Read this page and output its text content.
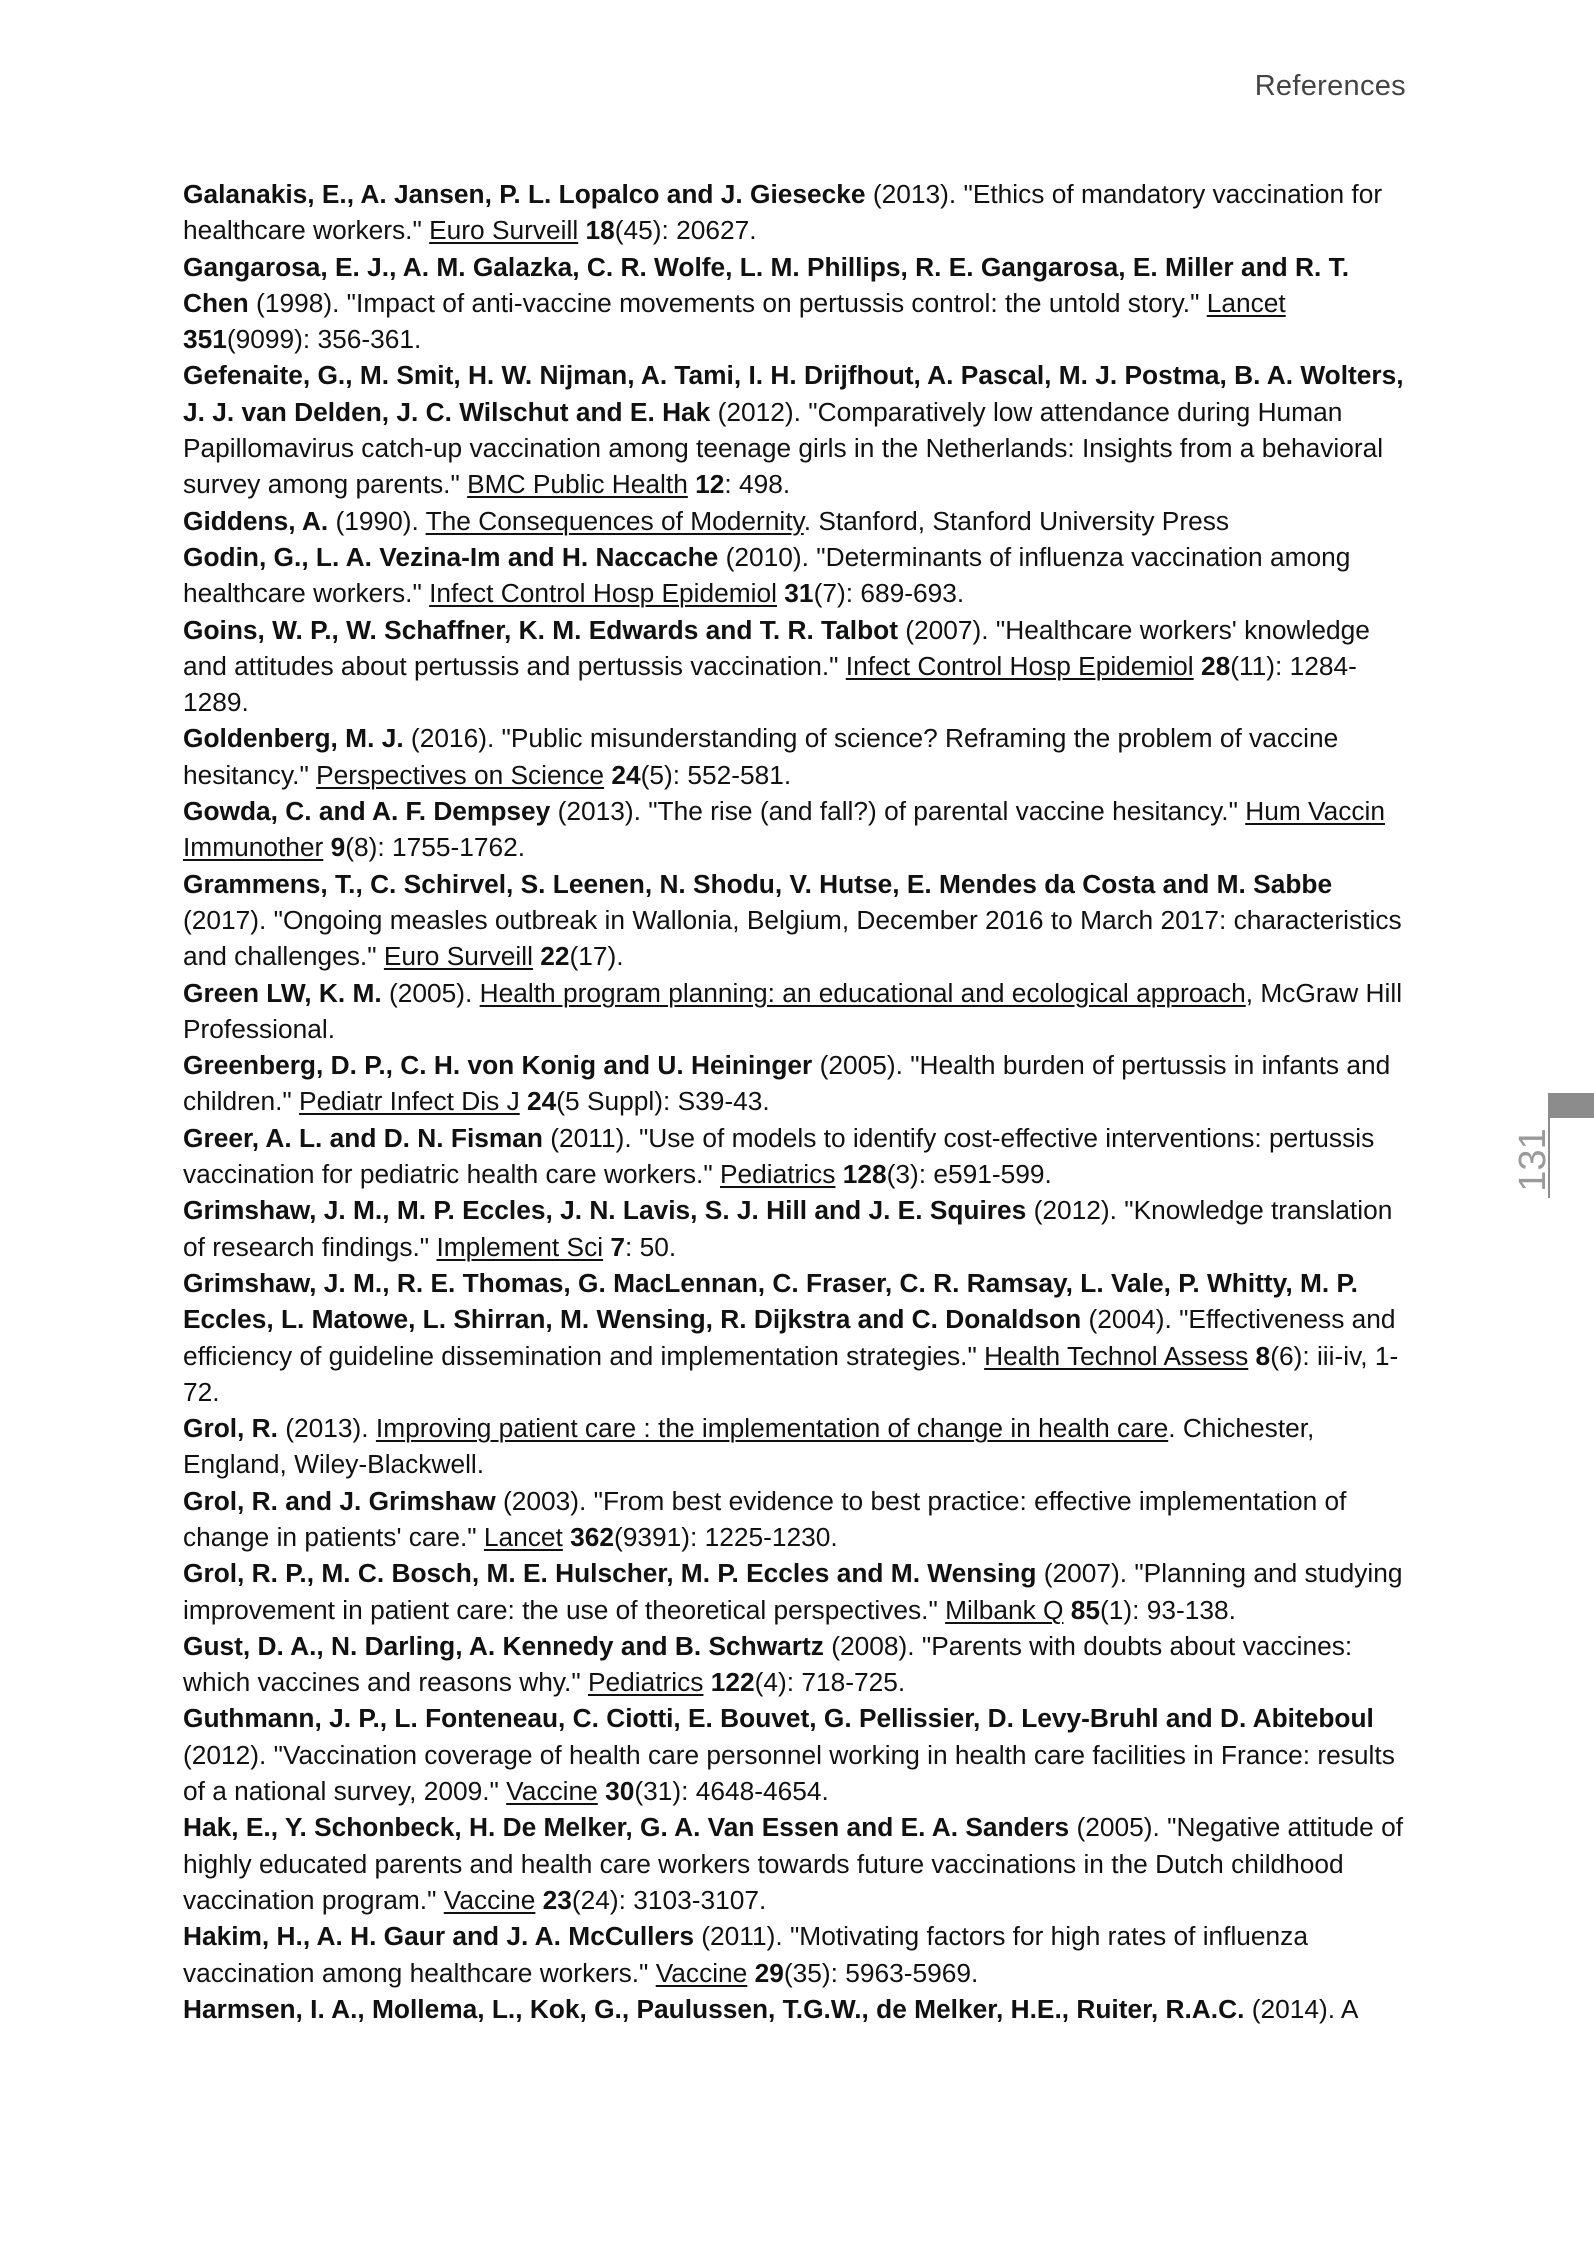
References

Galanakis, E., A. Jansen, P. L. Lopalco and J. Giesecke (2013). "Ethics of mandatory vaccination for healthcare workers." Euro Surveill 18(45): 20627.

Gangarosa, E. J., A. M. Galazka, C. R. Wolfe, L. M. Phillips, R. E. Gangarosa, E. Miller and R. T. Chen (1998). "Impact of anti-vaccine movements on pertussis control: the untold story." Lancet 351(9099): 356-361.

Gefenaite, G., M. Smit, H. W. Nijman, A. Tami, I. H. Drijfhout, A. Pascal, M. J. Postma, B. A. Wolters, J. J. van Delden, J. C. Wilschut and E. Hak (2012). "Comparatively low attendance during Human Papillomavirus catch-up vaccination among teenage girls in the Netherlands: Insights from a behavioral survey among parents." BMC Public Health 12: 498.

Giddens, A. (1990). The Consequences of Modernity. Stanford, Stanford University Press

Godin, G., L. A. Vezina-Im and H. Naccache (2010). "Determinants of influenza vaccination among healthcare workers." Infect Control Hosp Epidemiol 31(7): 689-693.

Goins, W. P., W. Schaffner, K. M. Edwards and T. R. Talbot (2007). "Healthcare workers' knowledge and attitudes about pertussis and pertussis vaccination." Infect Control Hosp Epidemiol 28(11): 1284-1289.

Goldenberg, M. J. (2016). "Public misunderstanding of science? Reframing the problem of vaccine hesitancy." Perspectives on Science 24(5): 552-581.

Gowda, C. and A. F. Dempsey (2013). "The rise (and fall?) of parental vaccine hesitancy." Hum Vaccin Immunother 9(8): 1755-1762.

Grammens, T., C. Schirvel, S. Leenen, N. Shodu, V. Hutse, E. Mendes da Costa and M. Sabbe (2017). "Ongoing measles outbreak in Wallonia, Belgium, December 2016 to March 2017: characteristics and challenges." Euro Surveill 22(17).

Green LW, K. M. (2005). Health program planning: an educational and ecological approach, McGraw Hill Professional.

Greenberg, D. P., C. H. von Konig and U. Heininger (2005). "Health burden of pertussis in infants and children." Pediatr Infect Dis J 24(5 Suppl): S39-43.

Greer, A. L. and D. N. Fisman (2011). "Use of models to identify cost-effective interventions: pertussis vaccination for pediatric health care workers." Pediatrics 128(3): e591-599.

Grimshaw, J. M., M. P. Eccles, J. N. Lavis, S. J. Hill and J. E. Squires (2012). "Knowledge translation of research findings." Implement Sci 7: 50.

Grimshaw, J. M., R. E. Thomas, G. MacLennan, C. Fraser, C. R. Ramsay, L. Vale, P. Whitty, M. P. Eccles, L. Matowe, L. Shirran, M. Wensing, R. Dijkstra and C. Donaldson (2004). "Effectiveness and efficiency of guideline dissemination and implementation strategies." Health Technol Assess 8(6): iii-iv, 1-72.

Grol, R. (2013). Improving patient care : the implementation of change in health care. Chichester, England, Wiley-Blackwell.

Grol, R. and J. Grimshaw (2003). "From best evidence to best practice: effective implementation of change in patients' care." Lancet 362(9391): 1225-1230.

Grol, R. P., M. C. Bosch, M. E. Hulscher, M. P. Eccles and M. Wensing (2007). "Planning and studying improvement in patient care: the use of theoretical perspectives." Milbank Q 85(1): 93-138.

Gust, D. A., N. Darling, A. Kennedy and B. Schwartz (2008). "Parents with doubts about vaccines: which vaccines and reasons why." Pediatrics 122(4): 718-725.

Guthmann, J. P., L. Fonteneau, C. Ciotti, E. Bouvet, G. Pellissier, D. Levy-Bruhl and D. Abiteboul (2012). "Vaccination coverage of health care personnel working in health care facilities in France: results of a national survey, 2009." Vaccine 30(31): 4648-4654.

Hak, E., Y. Schonbeck, H. De Melker, G. A. Van Essen and E. A. Sanders (2005). "Negative attitude of highly educated parents and health care workers towards future vaccinations in the Dutch childhood vaccination program." Vaccine 23(24): 3103-3107.

Hakim, H., A. H. Gaur and J. A. McCullers (2011). "Motivating factors for high rates of influenza vaccination among healthcare workers." Vaccine 29(35): 5963-5969.

Harmsen, I. A., Mollema, L., Kok, G., Paulussen, T.G.W., de Melker, H.E., Ruiter, R.A.C. (2014). A

131
